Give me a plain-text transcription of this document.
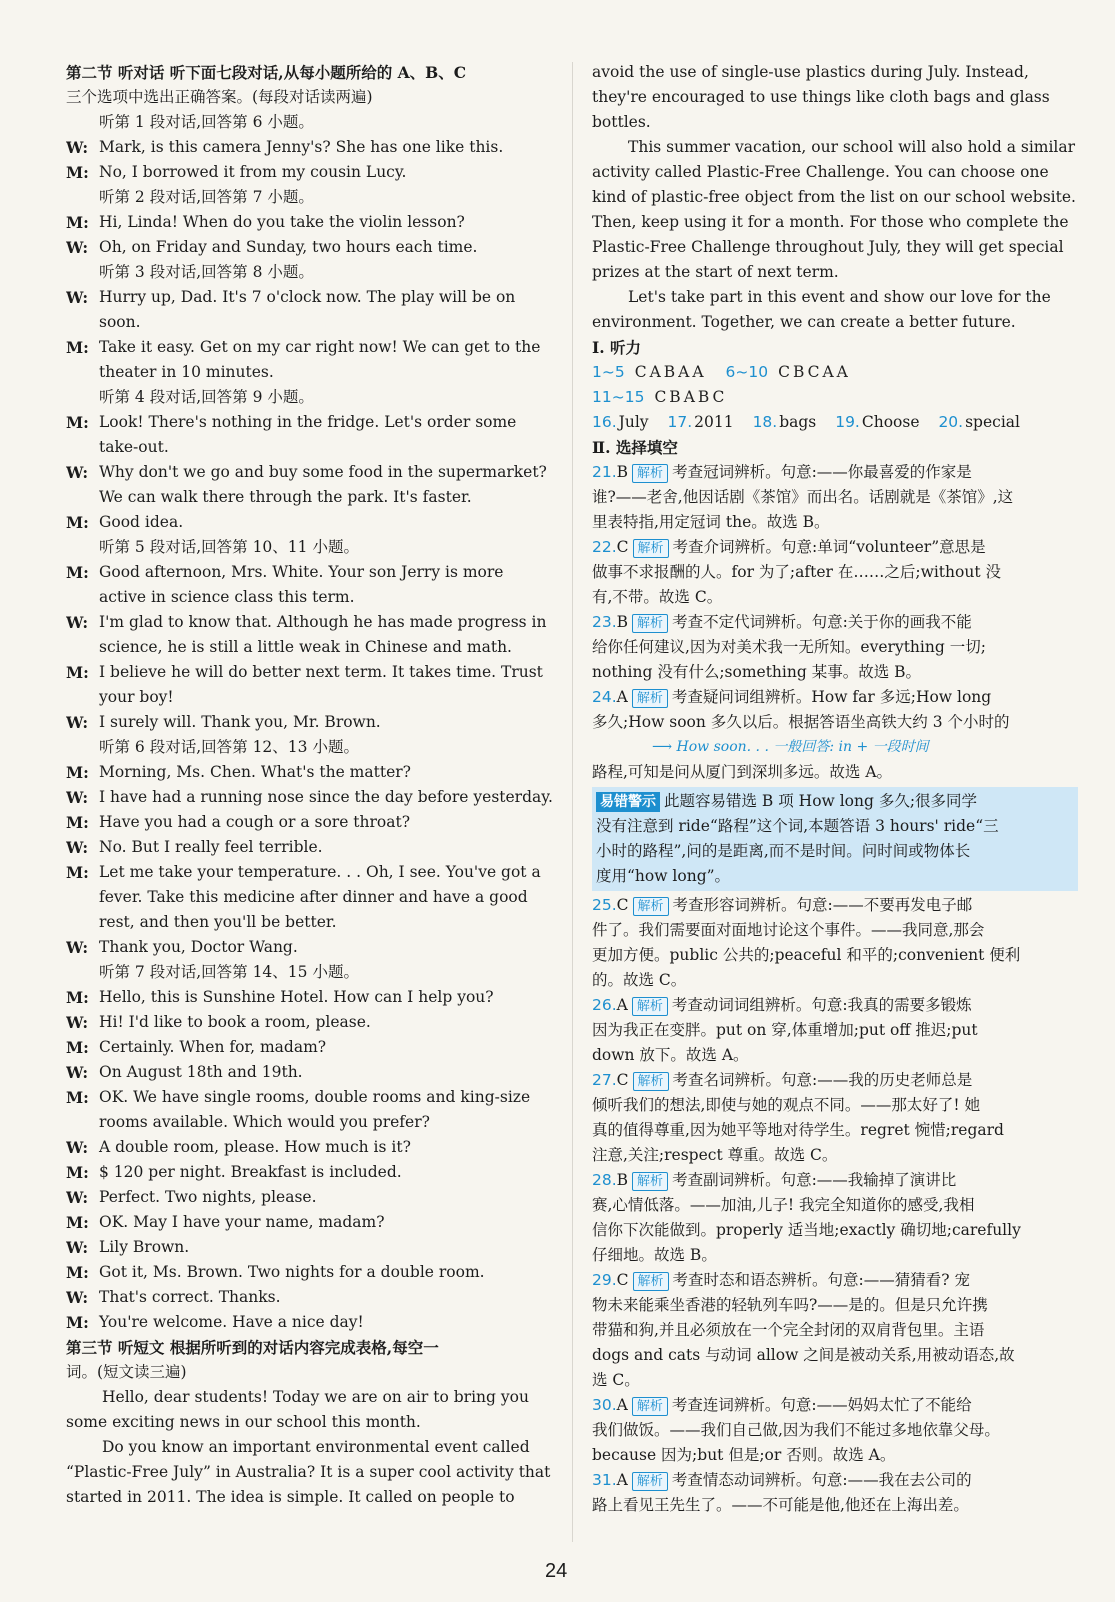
第二节 听对话 听下面七段对话,从每小题所给的 A、B、C
三个选项中选出正确答案。(每段对话读两遍)
听第 1 段对话,回答第 6 小题。
W: Mark, is this camera Jenny's? She has one like this.
M: No, I borrowed it from my cousin Lucy.
听第 2 段对话,回答第 7 小题。
M: Hi, Linda! When do you take the violin lesson?
W: Oh, on Friday and Sunday, two hours each time.
听第 3 段对话,回答第 8 小题。
W: Hurry up, Dad. It's 7 o'clock now. The play will be on
soon.
M: Take it easy. Get on my car right now! We can get to the
theater in 10 minutes.
听第 4 段对话,回答第 9 小题。
M: Look! There's nothing in the fridge. Let's order some
take-out.
W: Why don't we go and buy some food in the supermarket?
We can walk there through the park. It's faster.
M: Good idea.
听第 5 段对话,回答第 10、11 小题。
M: Good afternoon, Mrs. White. Your son Jerry is more
active in science class this term.
W: I'm glad to know that. Although he has made progress in
science, he is still a little weak in Chinese and math.
M: I believe he will do better next term. It takes time. Trust
your boy!
W: I surely will. Thank you, Mr. Brown.
听第 6 段对话,回答第 12、13 小题。
M: Morning, Ms. Chen. What's the matter?
W: I have had a running nose since the day before yesterday.
M: Have you had a cough or a sore throat?
W: No. But I really feel terrible.
M: Let me take your temperature. . . Oh, I see. You've got a
fever. Take this medicine after dinner and have a good
rest, and then you'll be better.
W: Thank you, Doctor Wang.
听第 7 段对话,回答第 14、15 小题。
M: Hello, this is Sunshine Hotel. How can I help you?
W: Hi! I'd like to book a room, please.
M: Certainly. When for, madam?
W: On August 18th and 19th.
M: OK. We have single rooms, double rooms and king-size
rooms available. Which would you prefer?
W: A double room, please. How much is it?
M: $ 120 per night. Breakfast is included.
W: Perfect. Two nights, please.
M: OK. May I have your name, madam?
W: Lily Brown.
M: Got it, Ms. Brown. Two nights for a double room.
W: That's correct. Thanks.
M: You're welcome. Have a nice day!
第三节 听短文 根据所听到的对话内容完成表格,每空一
词。(短文读三遍)
Hello, dear students! Today we are on air to bring you
some exciting news in our school this month.
Do you know an important environmental event called
“Plastic-Free July” in Australia? It is a super cool activity that
started in 2011. The idea is simple. It called on people to
avoid the use of single-use plastics during July. Instead,
they're encouraged to use things like cloth bags and glass
bottles.
This summer vacation, our school will also hold a similar
activity called Plastic-Free Challenge. You can choose one
kind of plastic-free object from the list on our school website.
Then, keep using it for a month. For those who complete the
Plastic-Free Challenge throughout July, they will get special
prizes at the start of next term.
Let's take part in this event and show our love for the
environment. Together, we can create a better future.
Ⅰ. 听力
1~5 CABAA 6~10 CBCAA
11~15 CBABC
16. July 17. 2011 18. bags 19. Choose 20. special
Ⅱ. 选择填空
21.B 解析 考查冠词辨析。句意:——你最喜爱的作家是
谁?——老舍,他因话剧《茶馆》而出名。话剧就是《茶馆》,这
里表特指,用定冠词 the。故选 B。
22.C 解析 考查介词辨析。句意:单词“volunteer”意思是
做事不求报酬的人。for 为了;after 在……之后;without 没
有,不带。故选 C。
23.B 解析 考查不定代词辨析。句意:关于你的画我不能
给你任何建议,因为对美术我一无所知。everything 一切;
nothing 没有什么;something 某事。故选 B。
24.A 解析 考查疑问词组辨析。How far 多远;How long
多久;How soon 多久以后。根据答语坐高铁大约 3 个小时的
⟶ How soon. . . 一般回答: in + 一段时间
路程,可知是问从厦门到深圳多远。故选 A。
易错警示 此题容易错选 B 项 How long 多久;很多同学
没有注意到 ride“路程”这个词,本题答语 3 hours' ride“三
小时的路程”,问的是距离,而不是时间。问时间或物体长
度用“how long”。
25.C 解析 考查形容词辨析。句意:——不要再发电子邮
件了。我们需要面对面地讨论这个事件。——我同意,那会
更加方便。public 公共的;peaceful 和平的;convenient 便利
的。故选 C。
26.A 解析 考查动词词组辨析。句意:我真的需要多锻炼
因为我正在变胖。put on 穿,体重增加;put off 推迟;put
down 放下。故选 A。
27.C 解析 考查名词辨析。句意:——我的历史老师总是
倾听我们的想法,即使与她的观点不同。——那太好了! 她
真的值得尊重,因为她平等地对待学生。regret 惋惜;regard
注意,关注;respect 尊重。故选 C。
28.B 解析 考查副词辨析。句意:——我输掉了演讲比
赛,心情低落。——加油,儿子! 我完全知道你的感受,我相
信你下次能做到。properly 适当地;exactly 确切地;carefully
仔细地。故选 B。
29.C 解析 考查时态和语态辨析。句意:——猜猜看? 宠
物未来能乘坐香港的轻轨列车吗?——是的。但是只允许携
带猫和狗,并且必须放在一个完全封闭的双肩背包里。主语
dogs and cats 与动词 allow 之间是被动关系,用被动语态,故
选 C。
30.A 解析 考查连词辨析。句意:——妈妈太忙了不能给
我们做饭。——我们自己做,因为我们不能过多地依靠父母。
because 因为;but 但是;or 否则。故选 A。
31.A 解析 考查情态动词辨析。句意:——我在去公司的
路上看见王先生了。——不可能是他,他还在上海出差。
24
